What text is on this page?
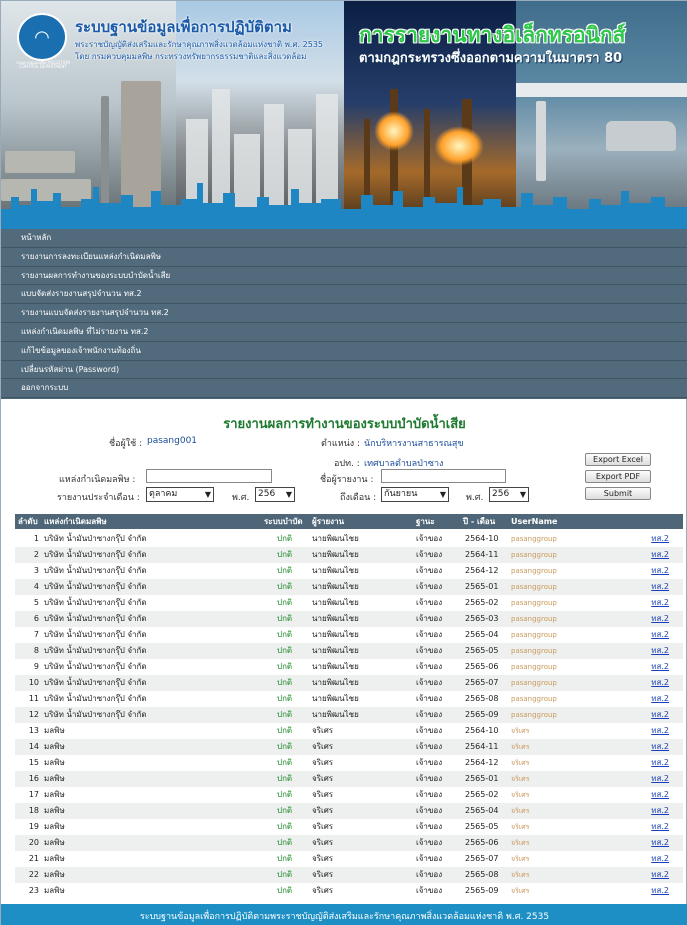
◠
กรมควบคุมมลพิษ POLLUTION CONTROL DEPARTMENT
ระบบฐานข้อมูลเพื่อการปฏิบัติตาม
พระราชบัญญัติส่งเสริมและรักษาคุณภาพสิ่งแวดล้อมแห่งชาติ พ.ศ. 2535
โดย กรมควบคุมมลพิษ กระทรวงทรัพยากรธรรมชาติและสิ่งแวดล้อม
การรายงานทางอิเล็กทรอนิกส์
ตามกฎกระทรวงซึ่งออกตามความในมาตรา 80
หน้าหลัก
รายงานการลงทะเบียนแหล่งกำเนิดมลพิษ
รายงานผลการทำงานของระบบบำบัดน้ำเสีย
แบบจัดส่งรายงานสรุปจำนวน ทส.2
รายงานแบบจัดส่งรายงานสรุปจำนวน ทส.2
แหล่งกำเนิดมลพิษ ที่ไม่รายงาน ทส.2
แก้ไขข้อมูลของเจ้าพนักงานท้องถิ่น
เปลี่ยนรหัสผ่าน (Password)
ออกจากระบบ
รายงานผลการทำงานของระบบบำบัดน้ำเสีย
ชื่อผู้ใช้ : pasang001	ตำแหน่ง : นักบริหารงานสาธารณสุข
อปท. : เทศบาลตำบลป่าซาง
แหล่งกำเนิดมลพิษ :	ชื่อผู้รายงาน :
รายงานประจำเดือน :	ตุลาคม	▼ พ.ศ. 256 ▼	ถึงเดือน : กันยายน	▼ พ.ศ. 256 ▼
Export Excel
Export PDF
Submit
ลำดับ แหล่งกำเนิดมลพิษ	ระบบบำบัด ผู้รายงาน	ฐานะ	ปี - เดือน UserName
1 บริษัท น้ำมันป่าซางกรุ๊ป จำกัด	ปกติ นายพิฒนไชย	เจ้าของ	2564-10 pasanggroup	ทส.2
2 บริษัท น้ำมันป่าซางกรุ๊ป จำกัด	ปกติ นายพิฒนไชย	เจ้าของ	2564-11 pasanggroup	ทส.2
3 บริษัท น้ำมันป่าซางกรุ๊ป จำกัด	ปกติ นายพิฒนไชย	เจ้าของ	2564-12 pasanggroup	ทส.2
4 บริษัท น้ำมันป่าซางกรุ๊ป จำกัด	ปกติ นายพิฒนไชย	เจ้าของ	2565-01 pasanggroup	ทส.2
5 บริษัท น้ำมันป่าซางกรุ๊ป จำกัด	ปกติ นายพิฒนไชย	เจ้าของ	2565-02 pasanggroup	ทส.2
6 บริษัท น้ำมันป่าซางกรุ๊ป จำกัด	ปกติ นายพิฒนไชย	เจ้าของ	2565-03 pasanggroup	ทส.2
7 บริษัท น้ำมันป่าซางกรุ๊ป จำกัด	ปกติ นายพิฒนไชย	เจ้าของ	2565-04 pasanggroup	ทส.2
8 บริษัท น้ำมันป่าซางกรุ๊ป จำกัด	ปกติ นายพิฒนไชย	เจ้าของ	2565-05 pasanggroup	ทส.2
9 บริษัท น้ำมันป่าซางกรุ๊ป จำกัด	ปกติ นายพิฒนไชย	เจ้าของ	2565-06 pasanggroup	ทส.2
10 บริษัท น้ำมันป่าซางกรุ๊ป จำกัด	ปกติ นายพิฒนไชย	เจ้าของ	2565-07 pasanggroup	ทส.2
11 บริษัท น้ำมันป่าซางกรุ๊ป จำกัด	ปกติ นายพิฒนไชย	เจ้าของ	2565-08 pasanggroup	ทส.2
12 บริษัท น้ำมันป่าซางกรุ๊ป จำกัด	ปกติ นายพิฒนไชย	เจ้าของ	2565-09 pasanggroup	ทส.2
13 มลพิษ	ปกติ จริเศร	เจ้าของ	2564-10 จริเศร	ทส.2
14 มลพิษ	ปกติ จริเศร	เจ้าของ	2564-11 จริเศร	ทส.2
15 มลพิษ	ปกติ จริเศร	เจ้าของ	2564-12 จริเศร	ทส.2
16 มลพิษ	ปกติ จริเศร	เจ้าของ	2565-01 จริเศร	ทส.2
17 มลพิษ	ปกติ จริเศร	เจ้าของ	2565-02 จริเศร	ทส.2
18 มลพิษ	ปกติ จริเศร	เจ้าของ	2565-04 จริเศร	ทส.2
19 มลพิษ	ปกติ จริเศร	เจ้าของ	2565-05 จริเศร	ทส.2
20 มลพิษ	ปกติ จริเศร	เจ้าของ	2565-06 จริเศร	ทส.2
21 มลพิษ	ปกติ จริเศร	เจ้าของ	2565-07 จริเศร	ทส.2
22 มลพิษ	ปกติ จริเศร	เจ้าของ	2565-08 จริเศร	ทส.2
23 มลพิษ	ปกติ จริเศร	เจ้าของ	2565-09 จริเศร	ทส.2
ระบบฐานข้อมูลเพื่อการปฏิบัติตามพระราชบัญญัติส่งเสริมและรักษาคุณภาพสิ่งแวดล้อมแห่งชาติ พ.ศ. 2535
